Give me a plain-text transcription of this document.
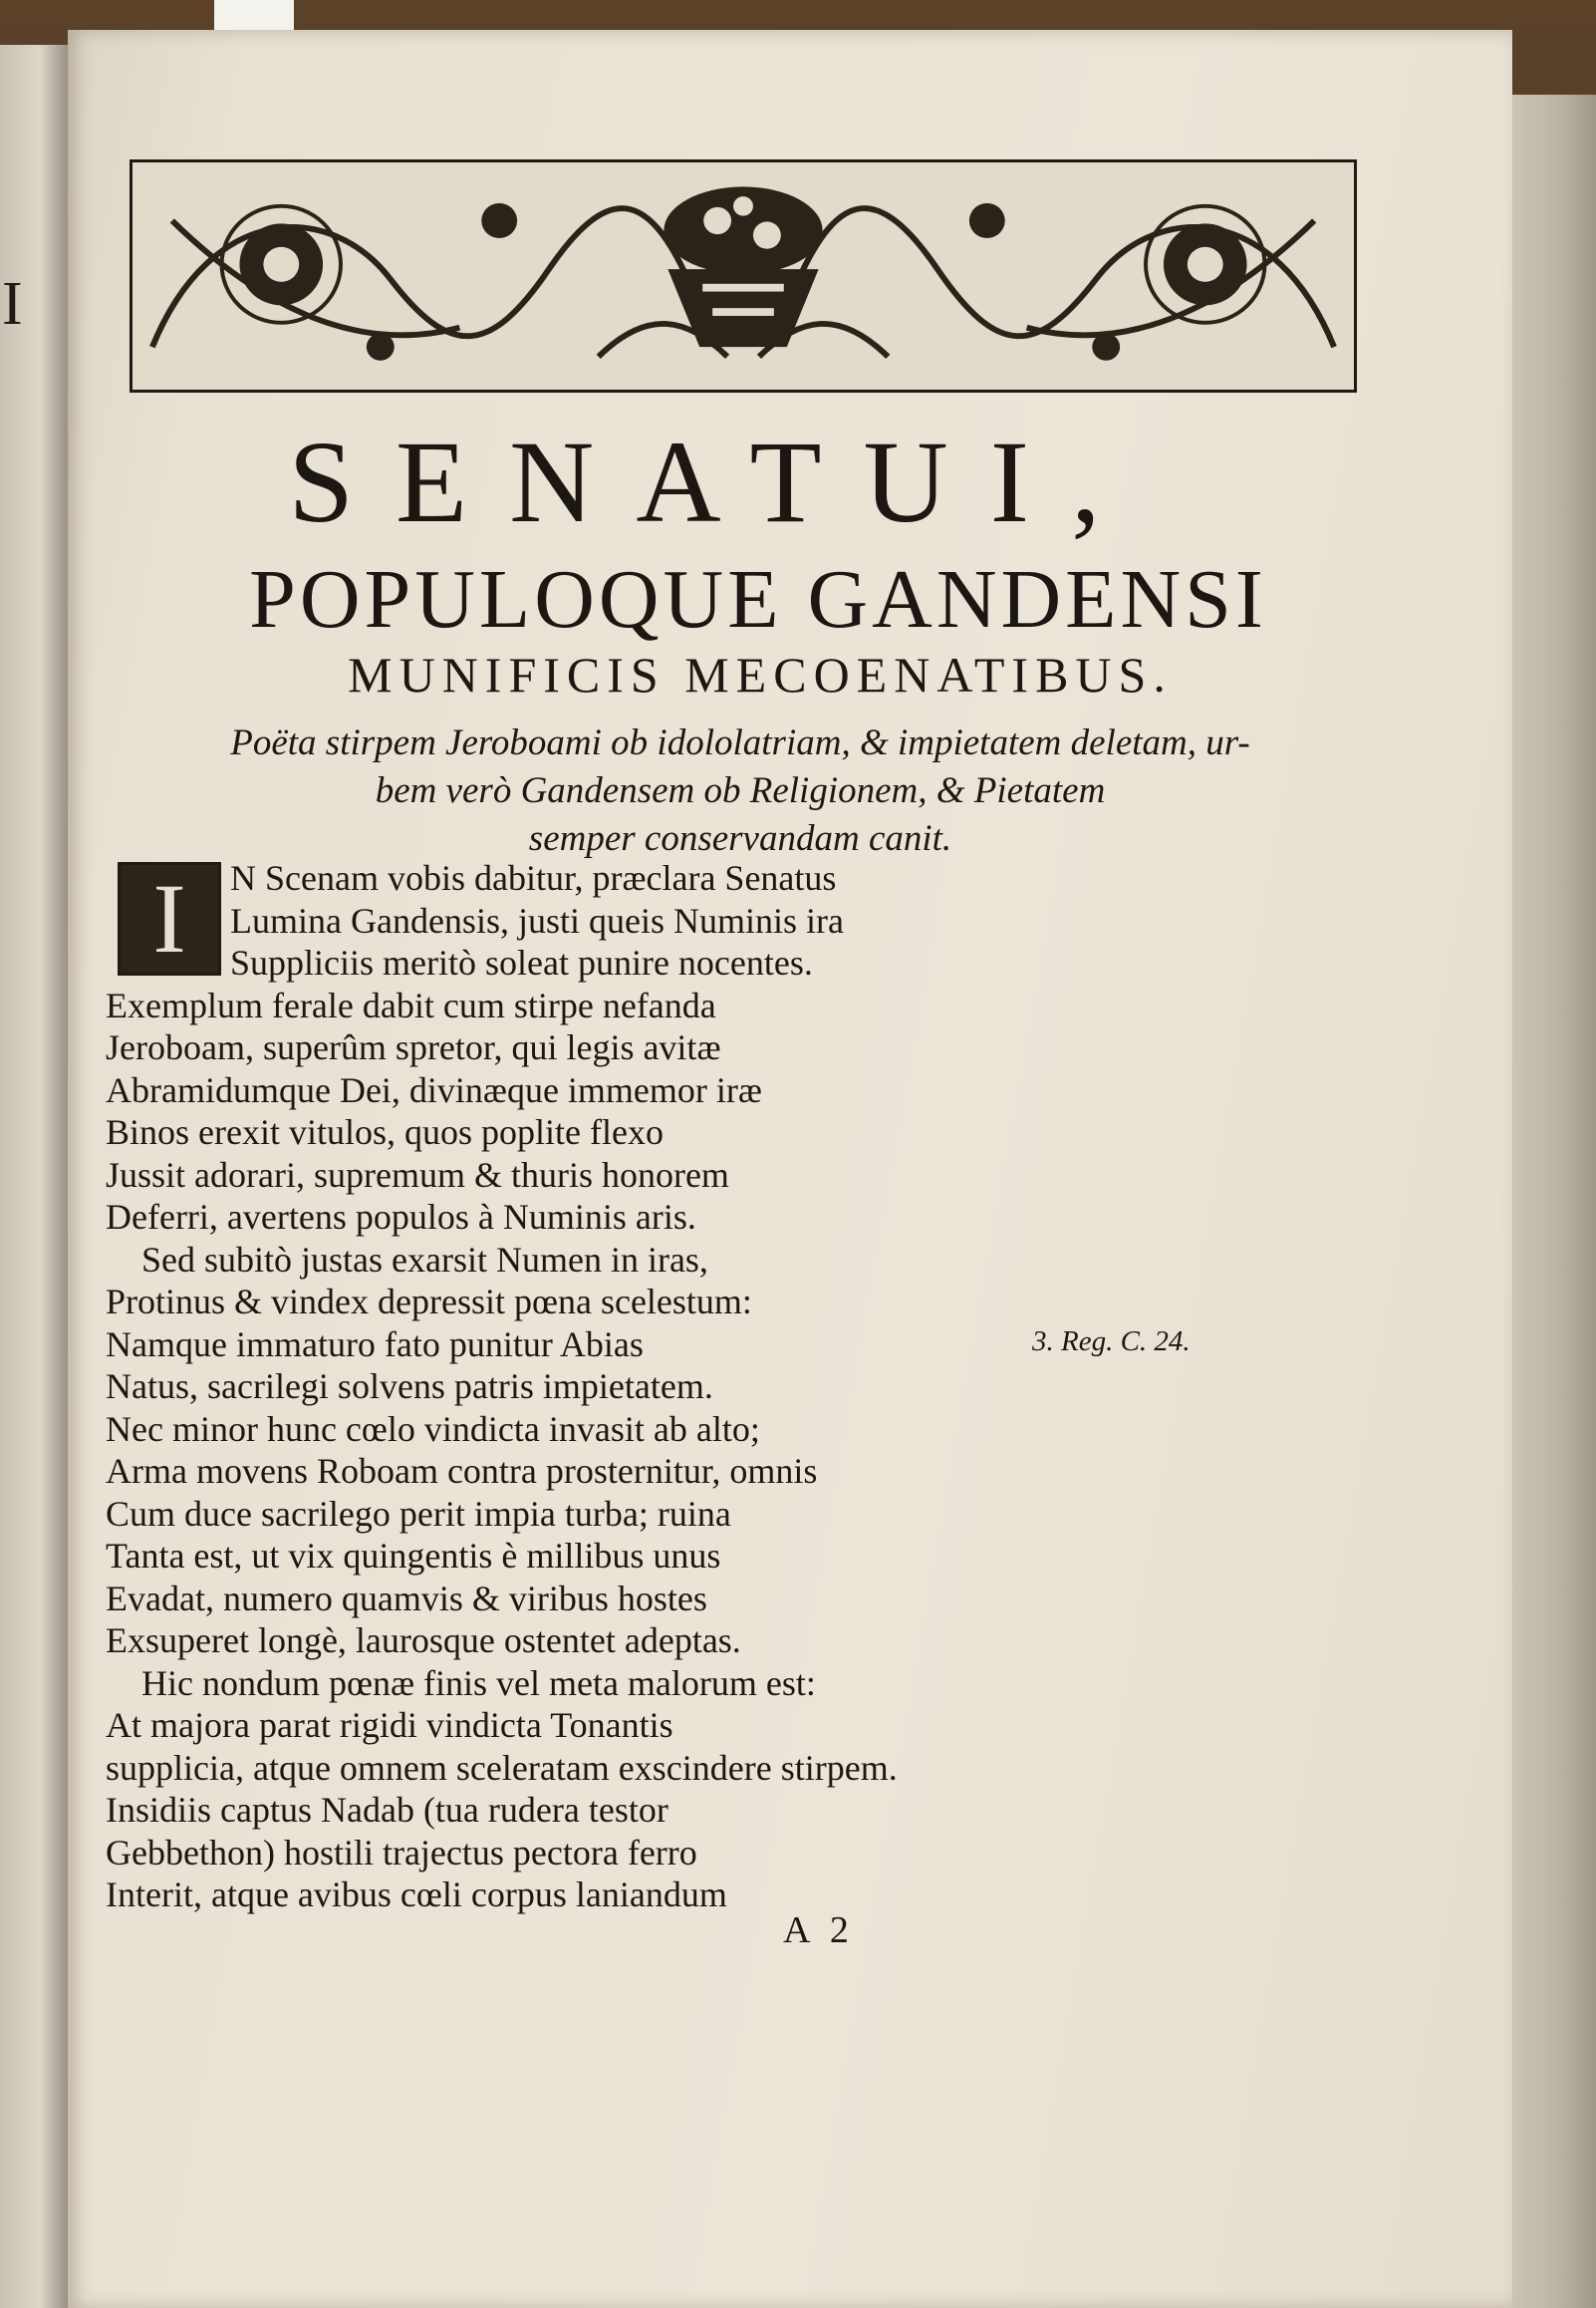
I
SENATUI,
POPULOQUE GANDENSI
MUNIFICIS MECOENATIBUS.
Poëta stirpem Jeroboami ob idololatriam, & impietatem deletam, ur-
bem verò Gandensem ob Religionem, & Pietatem
semper conservandam canit.
I	N Scenam vobis dabitur, præclara Senatus
Lumina Gandensis, justi queis Numinis ira
Suppliciis meritò soleat punire nocentes.
Exemplum ferale dabit cum stirpe nefanda
Jeroboam, superûm spretor, qui legis avitæ
Abramidumque Dei, divinæque immemor iræ
Binos erexit vitulos, quos poplite flexo
Jussit adorari, supremum & thuris honorem
Deferri, avertens populos à Numinis aris.
Sed subitò justas exarsit Numen in iras,
Protinus & vindex depressit pœna scelestum:
Namque immaturo fato punitur Abias
Natus, sacrilegi solvens patris impietatem.
Nec minor hunc cœlo vindicta invasit ab alto;
Arma movens Roboam contra prosternitur, omnis
Cum duce sacrilego perit impia turba; ruina
Tanta est, ut vix quingentis è millibus unus
Evadat, numero quamvis & viribus hostes
Exsuperet longè, laurosque ostentet adeptas.
Hic nondum pœnæ finis vel meta malorum est:
At majora parat rigidi vindicta Tonantis
supplicia, atque omnem sceleratam exscindere stirpem.
Insidiis captus Nadab (tua rudera testor
Gebbethon) hostili trajectus pectora ferro
Interit, atque avibus cœli corpus laniandum
3. Reg. C. 24.
A 2
